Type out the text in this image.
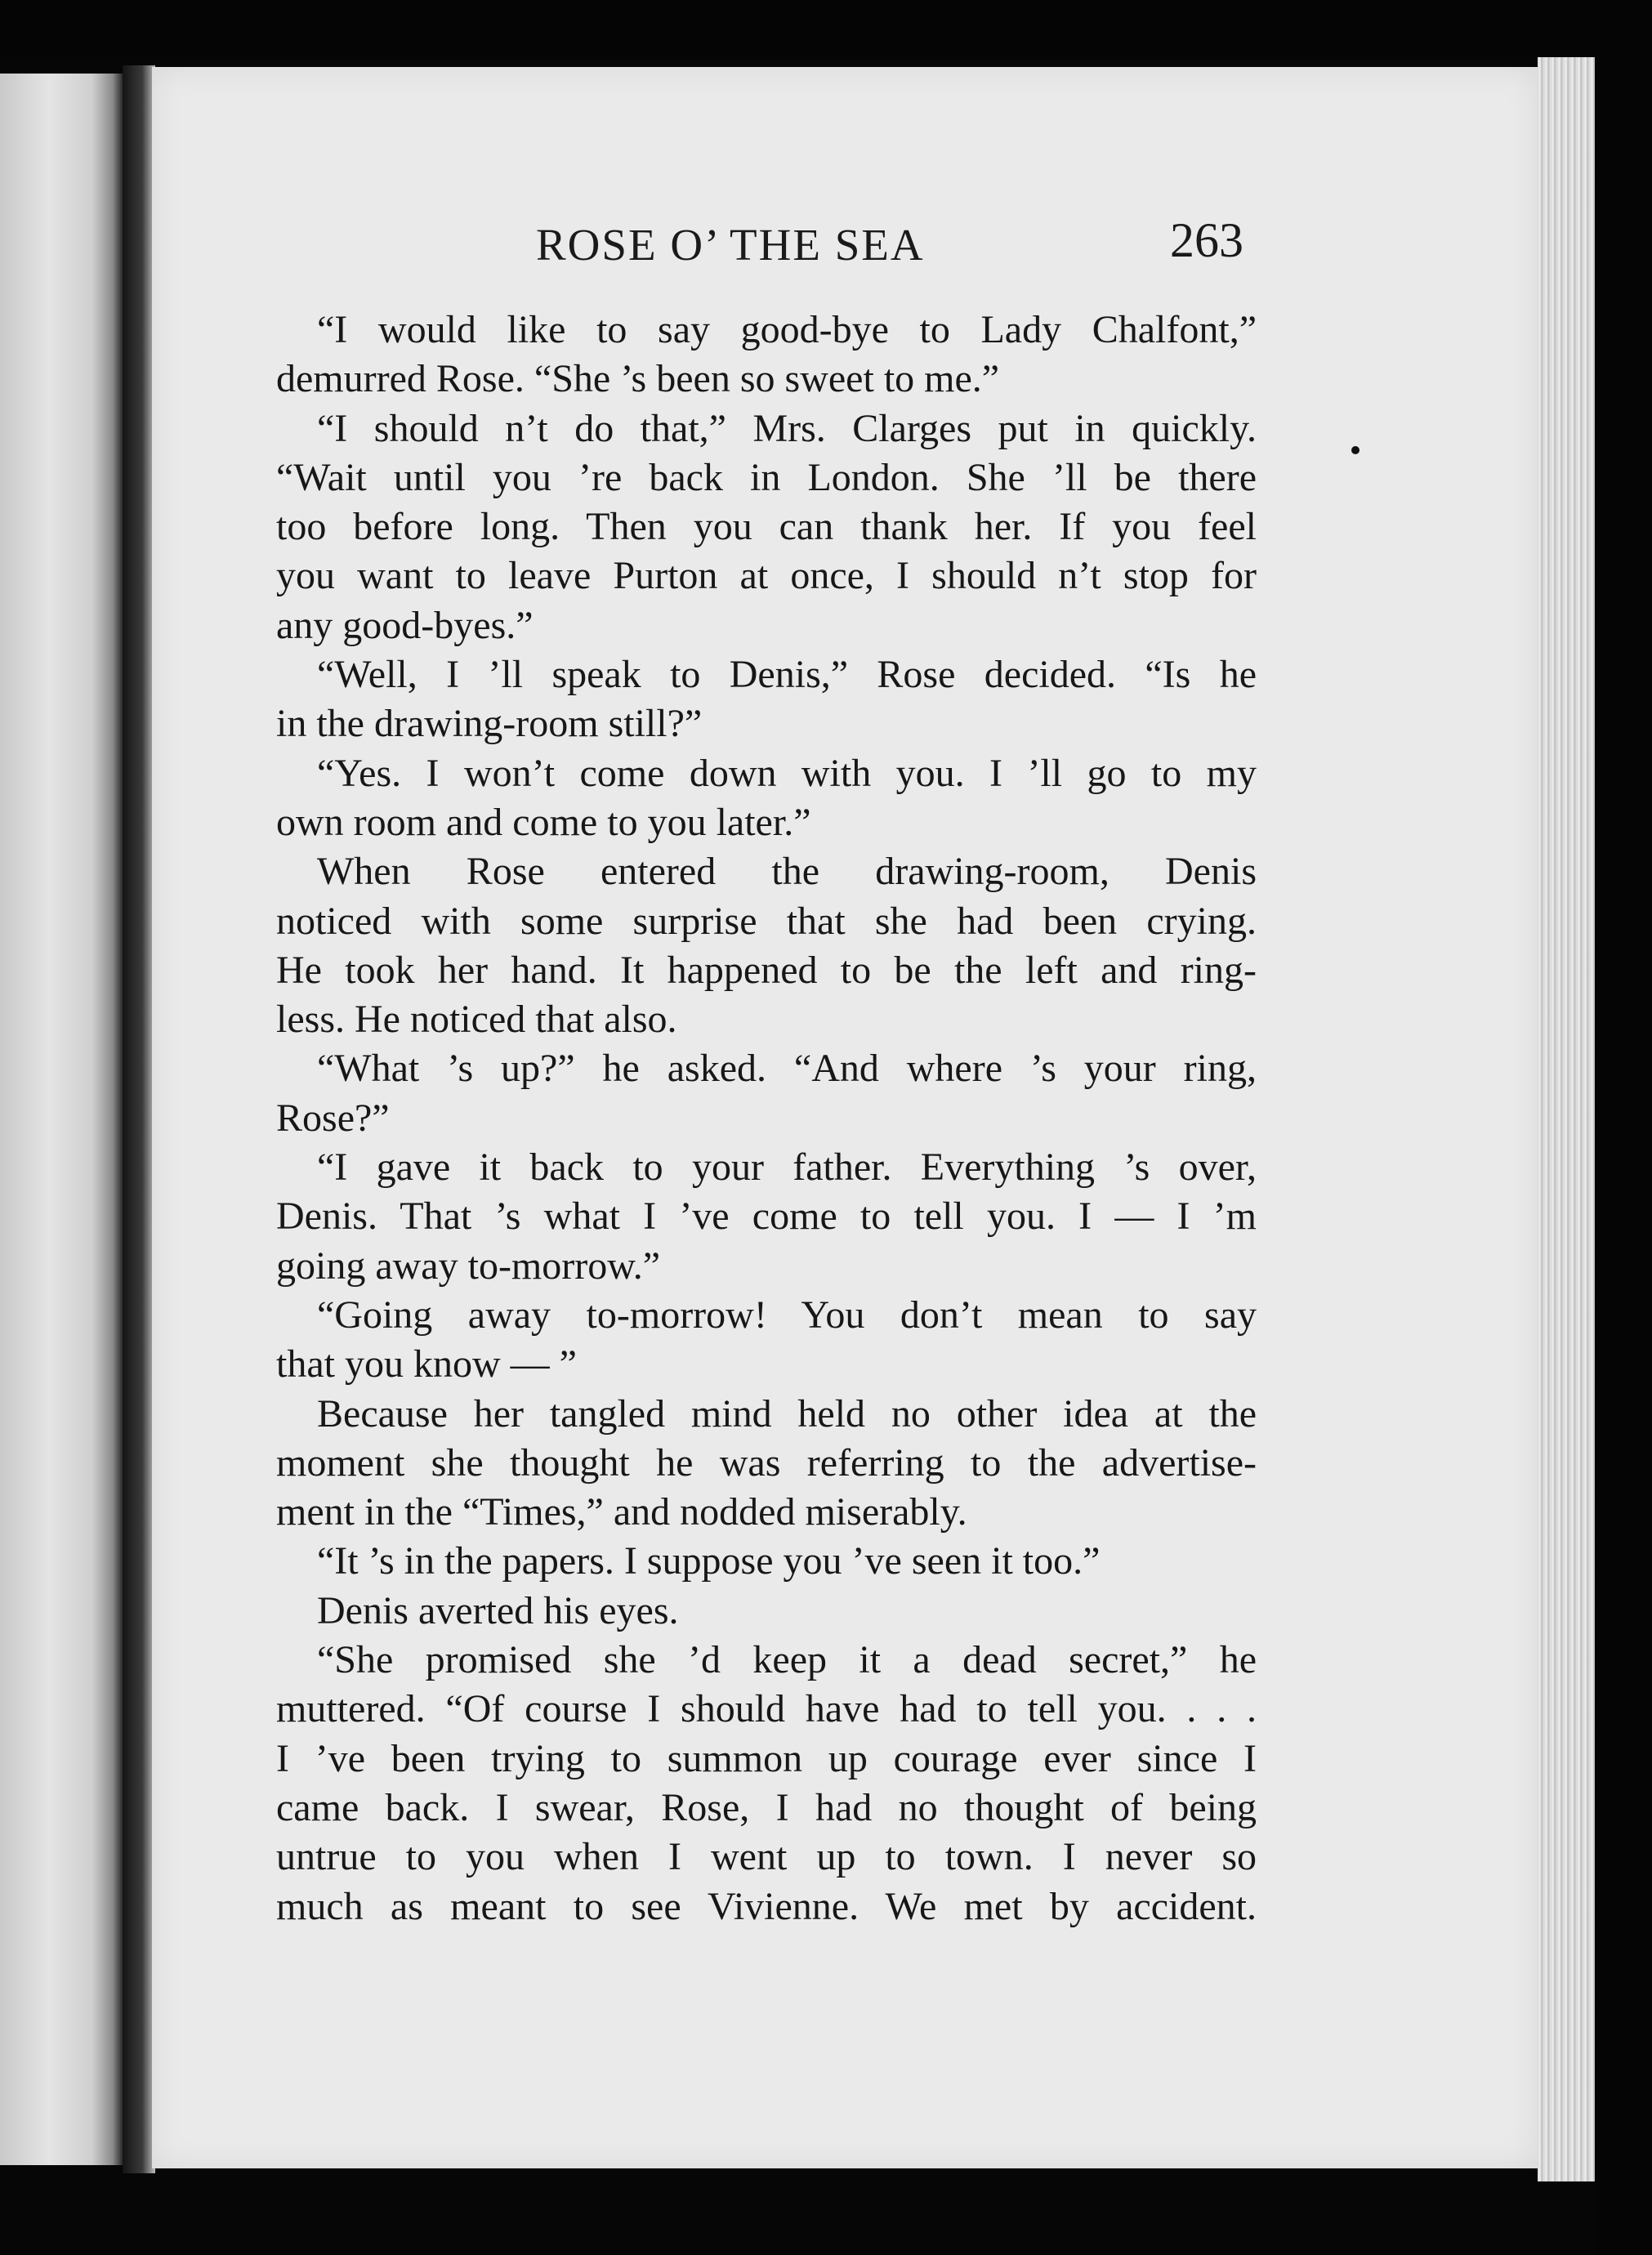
ROSE O’ THE SEA	263
“I would like to say good-bye to Lady Chalfont,”
demurred Rose. “She ’s been so sweet to me.”
“I should n’t do that,” Mrs. Clarges put in quickly.
“Wait until you ’re back in London. She ’ll be there
too before long. Then you can thank her. If you feel
you want to leave Purton at once, I should n’t stop for
any good-byes.”
“Well, I ’ll speak to Denis,” Rose decided. “Is he
in the drawing-room still?”
“Yes. I won’t come down with you. I ’ll go to my
own room and come to you later.”
When Rose entered the drawing-room, Denis
noticed with some surprise that she had been crying.
He took her hand. It happened to be the left and ring-
less. He noticed that also.
“What ’s up?” he asked. “And where ’s your ring,
Rose?”
“I gave it back to your father. Everything ’s over,
Denis. That ’s what I ’ve come to tell you. I — I ’m
going away to-morrow.”
“Going away to-morrow! You don’t mean to say
that you know — ”
Because her tangled mind held no other idea at the
moment she thought he was referring to the advertise-
ment in the “Times,” and nodded miserably.
“It ’s in the papers. I suppose you ’ve seen it too.”
Denis averted his eyes.
“She promised she ’d keep it a dead secret,” he
muttered. “Of course I should have had to tell you. . . .
I ’ve been trying to summon up courage ever since I
came back. I swear, Rose, I had no thought of being
untrue to you when I went up to town. I never so
much as meant to see Vivienne. We met by accident.
